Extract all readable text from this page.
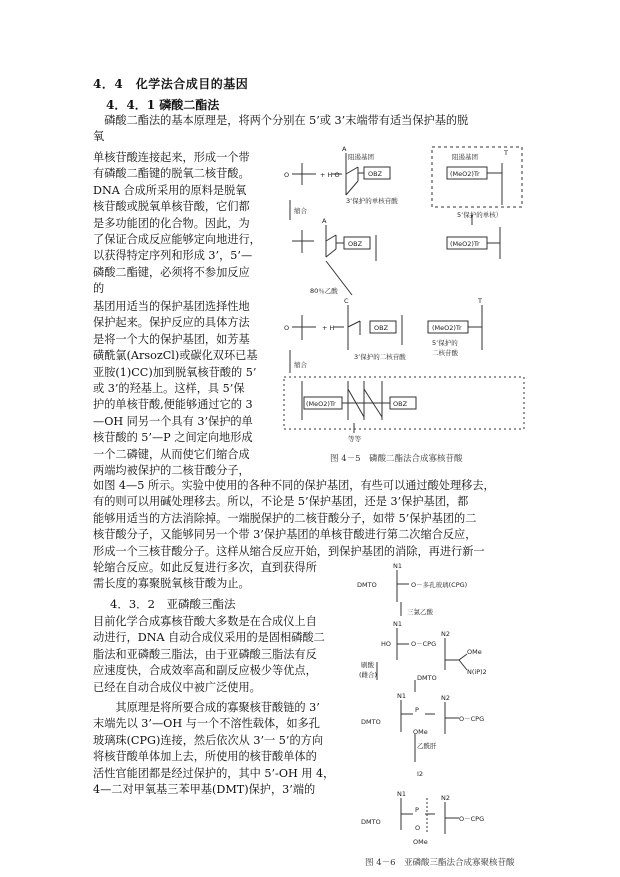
4．4　化学法合成目的基因
4．4．1 磷酸二酯法
　磷酸二酯法的基本原理是，将两个分别在 5’或 3’末端带有适当保护基的脱
氧
单核苷酸连接起来，形成一个带
有磷酸二酯键的脱氧二核苷酸。
DNA 合成所采用的原料是脱氧
核苷酸或脱氧单核苷酸，它们都
是多功能团的化合物。因此，为
了保证合成反应能够定向地进行，
以获得特定序列和形成 3’，5’—
磷酸二酯键，必须将不参加反应
的
基团用适当的保护基团选择性地
保护起来。保护反应的具体方法
是将一个大的保护基团，如芳基
磺酰氯(ArsozCl)或碳化双环已基
亚胺(1)CC)加到脱氧核苷酸的 5’
或 3’的羟基上。这样，具 5’保
护的单核苷酸,便能够通过它的 3
—OH 同另一个具有 3’保护的单
核苷酸的 5’—P 之间定向地形成
一个二磷键，从而使它们缩合成
两端均被保护的二核苷酸分子，
如图 4—5 所示。实验中使用的各种不同的保护基团，有些可以通过酸处理移去，
有的则可以用碱处理移去。所以，不论是 5’保护基团，还是 3’保护基团，都
能够用适当的方法消除掉。一端脱保护的二核苷酸分子，如带 5’保护基团的二
核苷酸分子，又能够同另一个带 3’保护基团的单核苷酸进行第二次缩合反应，
形成一个三核苷酸分子。这样从缩合反应开始，到保护基团的消除，再进行新一
轮缩合反应。如此反复进行多次，直到获得所
需长度的寡聚脱氧核苷酸为止。
4．3．2　亚磷酸三酯法
目前化学合成寡核苷酸大多数是在合成仪上自
动进行，DNA 自动合成仪采用的是固相磷酸二
脂法和亚磷酸三脂法，由于亚磷酸三脂法有反
应速度快，合成效率高和副反应极少等优点，
已经在自动合成仪中被广泛使用。
　　其原理是将所要合成的寡聚核苷酸链的 3’
末端先以 3’—OH 与一个不溶性载体，如多孔
玻璃珠(CPG)连接，然后依次从 3’一 5’的方向
将核苷酸单体加上去，所使用的核苷酸单体的
活性官能团都是经过保护的，其中 5’-OH 用 4，
4—二对甲氧基三苯甲基(DMT)保护，3’端的
O	+ H O
A
阻遏基团
OBZ
3’保护的单核苷酸
阻遏基团
(MeO2)Tr
T
5’保护的单核）
缩合
A
OBZ	(MeO2)Tr
80％乙酸
C
O	+ H	OBZ
T
(MeO2)Tr
3’保护的二核苷酸
5’保护的
二核苷酸
缩合
(MeO2)Tr	OBZ
等等
图 4－5　磷酸二酯法合成寡核苷酸
N1
DMTO	O－多孔玻璃(CPG)
三氯乙酸
N1
HO	O－CPG
N2
刷酸
(雌合)	DMTO
OMe
N(iP)2
N1	N2
DMTO
P
O－CPG
OMe
乙酰肝
I2
N1	N2
DMTO
P
O－CPG
O
OMe
图 4－6　亚磷酸三酯法合成寡聚核苷酸
